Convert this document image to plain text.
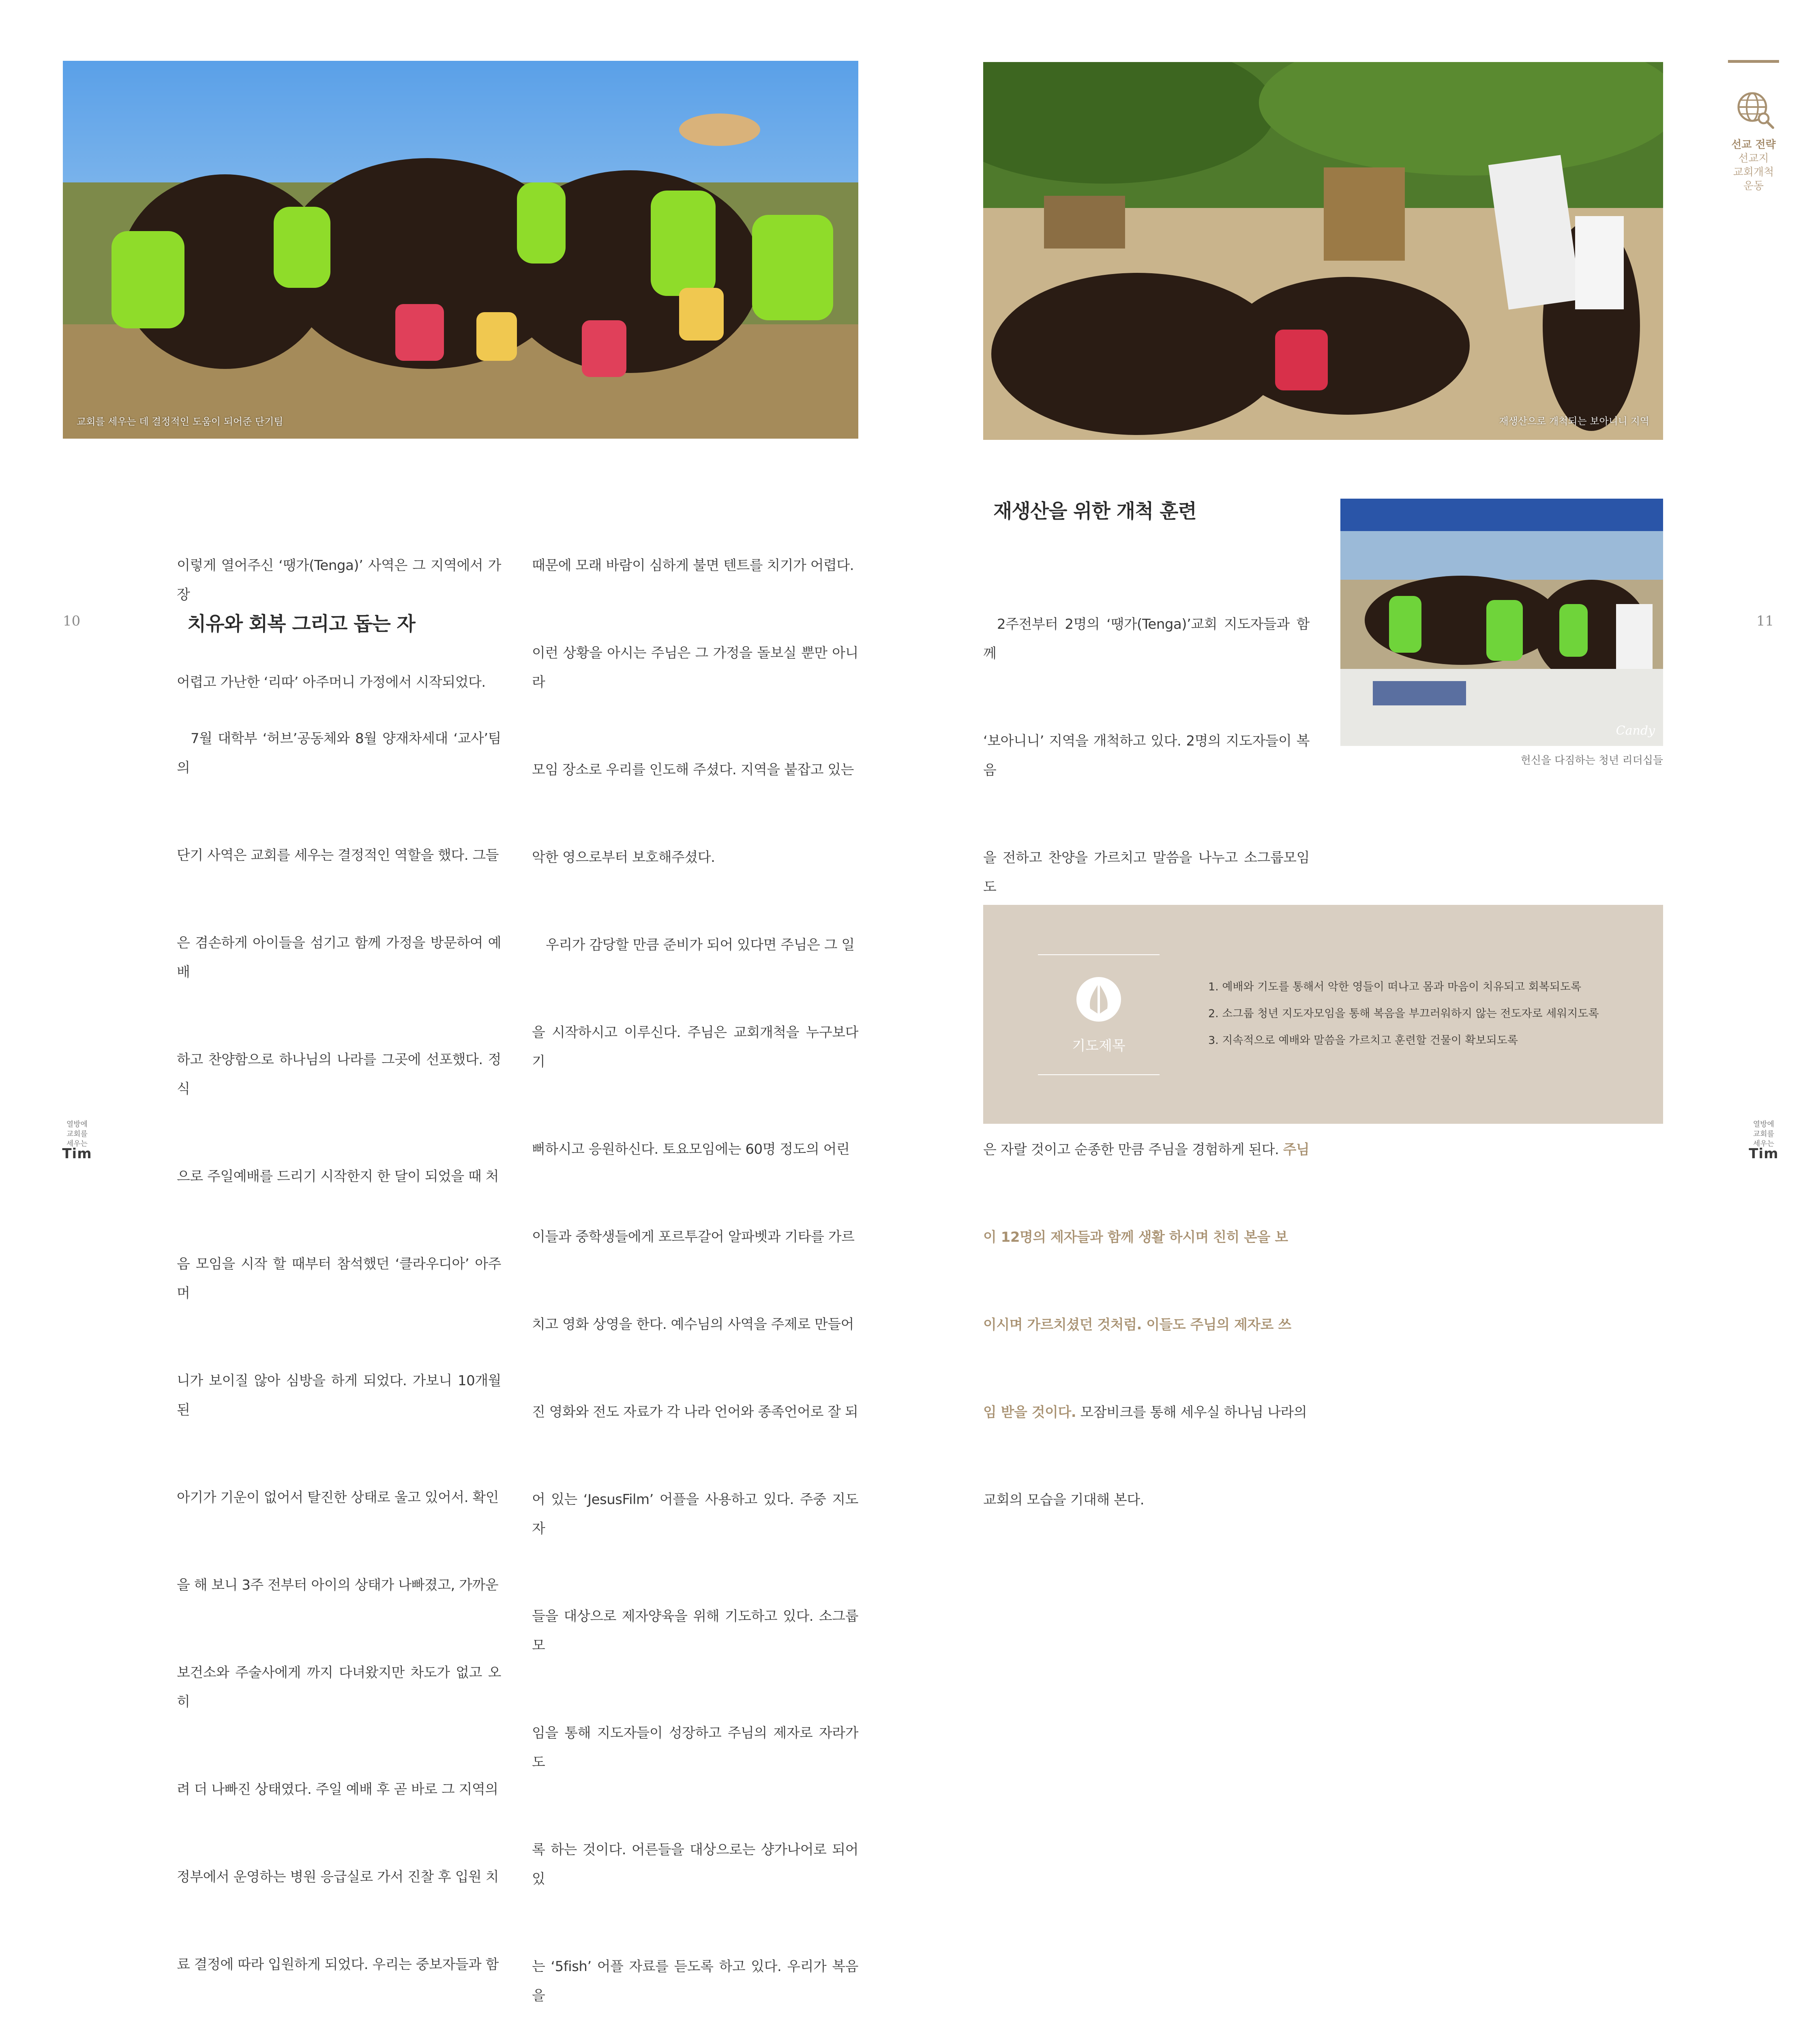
교회를 세우는 데 결정적인 도움이 되어준 단기팀

이렇게 열어주신 ‘땡가(Tenga)’ 사역은 그 지역에서 가장

어렵고 가난한 ‘리따’ 아주머니 가정에서 시작되었다.

치유와 회복 그리고 돕는 자

7월 대학부 ‘허브’공동체와 8월 양재차세대 ‘교사’팀의

단기 사역은 교회를 세우는 결정적인 역할을 했다. 그들

은 겸손하게 아이들을 섬기고 함께 가정을 방문하여 예배

하고 찬양함으로 하나님의 나라를 그곳에 선포했다. 정식

으로 주일예배를 드리기 시작한지 한 달이 되었을 때 처

음 모임을 시작 할 때부터 참석했던 ‘클라우디아’ 아주머

니가 보이질 않아 심방을 하게 되었다. 가보니 10개월 된

아기가 기운이 없어서 탈진한 상태로 울고 있어서. 확인

을 해 보니 3주 전부터 아이의 상태가 나빠졌고, 가까운

보건소와 주술사에게 까지 다녀왔지만 차도가 없고 오히

려 더 나빠진 상태였다. 주일 예배 후 곧 바로 그 지역의

정부에서 운영하는 병원 응급실로 가서 진찰 후 입원 치

료 결정에 따라 입원하게 되었다. 우리는 중보자들과 함

때문에 모래 바람이 심하게 불면 텐트를 치기가 어렵다.

이런 상황을 아시는 주님은 그 가정을 돌보실 뿐만 아니라

모임 장소로 우리를 인도해 주셨다. 지역을 붙잡고 있는

악한 영으로부터 보호해주셨다.

우리가 감당할 만큼 준비가 되어 있다면 주님은 그 일

을 시작하시고 이루신다. 주님은 교회개척을 누구보다 기

뻐하시고 응원하신다. 토요모임에는 60명 정도의 어린

이들과 중학생들에게 포르투갈어 알파벳과 기타를 가르

치고 영화 상영을 한다. 예수님의 사역을 주제로 만들어

진 영화와 전도 자료가 각 나라 언어와 종족언어로 잘 되

어 있는 ‘JesusFilm’ 어플을 사용하고 있다. 주중 지도자

들을 대상으로 제자양육을 위해 기도하고 있다. 소그룹모

임을 통해 지도자들이 성장하고 주님의 제자로 자라가도

록 하는 것이다. 어른들을 대상으로는 샹가나어로 되어있

는 ‘5fish’ 어플 자료를 듣도록 하고 있다. 우리가 복음을

10
열방에
교회를
세우는
Tim
재생산으로 개척되는 보아니니 지역
선교 전략
선교지
교회개척
운동
재생산을 위한 개척 훈련

2주전부터 2명의 ‘땡가(Tenga)’교회 지도자들과 함께

‘보아니니’ 지역을 개척하고 있다. 2명의 지도자들이 복음

을 전하고 찬양을 가르치고 말씀을 나누고 소그룹모임도

은 자랄 것이고 순종한 만큼 주님을 경험하게 된다. 주님

이 12명의 제자들과 함께 생활 하시며 친히 본을 보

이시며 가르치셨던 것처럼. 이들도 주님의 제자로 쓰

임 받을 것이다. 모잠비크를 통해 세우실 하나님 나라의

교회의 모습을 기대해 본다.

Candy
헌신을 다짐하는 청년 리더십들
기도제목
1. 예배와 기도를 통해서 악한 영들이 떠나고 몸과 마음이 치유되고 회복되도록
2. 소그룹 청년 지도자모임을 통해 복음을 부끄러워하지 않는 전도자로 세워지도록
3. 지속적으로 예배와 말씀을 가르치고 훈련할 건물이 확보되도록
11
열방에
교회를
세우는
Tim
